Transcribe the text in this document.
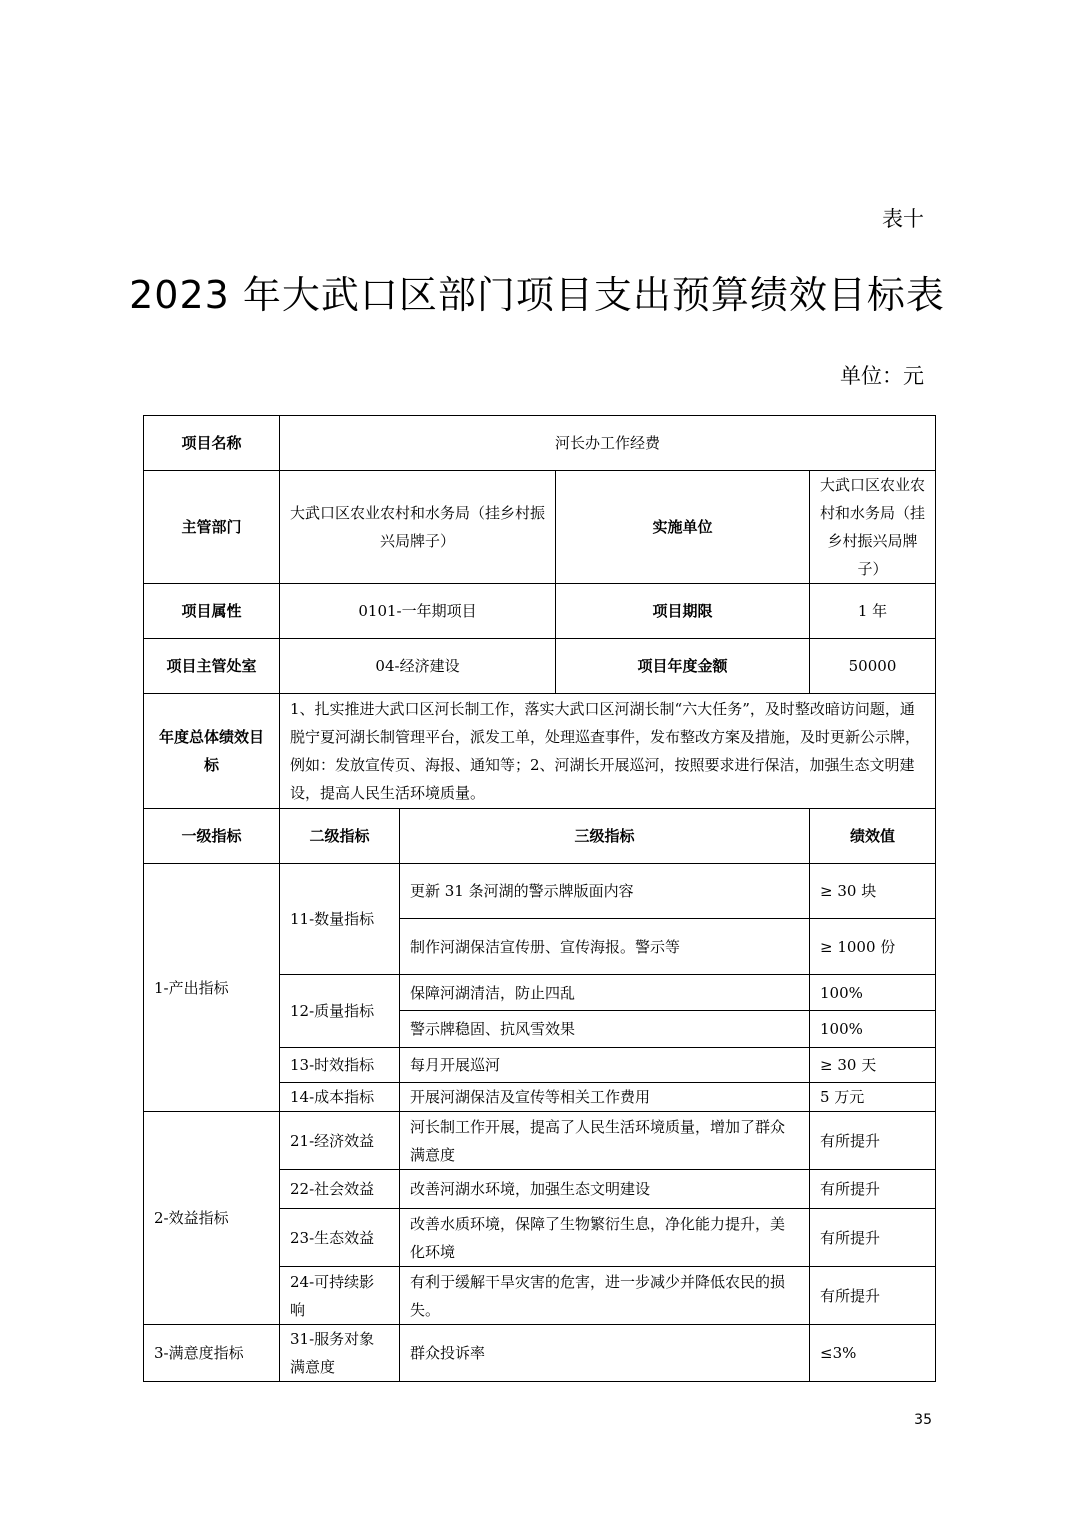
表十
2023 年大武口区部门项目支出预算绩效目标表
单位：元
项目名称	河长办工作经费			
主管部门	大武口区农业农村和水务局（挂乡村振兴局牌子）		实施单位	大武口区农业农村和水务局（挂乡村振兴局牌子）
项目属性	0101-一年期项目		项目期限	1 年
项目主管处室	04-经济建设		项目年度金额	50000
年度总体绩效目标	1、扎实推进大武口区河长制工作，落实大武口区河湖长制“六大任务”，及时整改暗访问题，通脱宁夏河湖长制管理平台，派发工单，处理巡查事件，发布整改方案及措施，及时更新公示牌，例如：发放宣传页、海报、通知等；2、河湖长开展巡河，按照要求进行保洁，加强生态文明建设，提高人民生活环境质量。			
一级指标	二级指标	三级指标		绩效值
1-产出指标	11-数量指标	更新 31 条河湖的警示牌版面内容		≥ 30 块
		制作河湖保洁宣传册、宣传海报。警示等		≥ 1000 份
	12-质量指标	保障河湖清洁，防止四乱		100%
		警示牌稳固、抗风雪效果		100%
	13-时效指标	每月开展巡河		≥ 30 天
	14-成本指标	开展河湖保洁及宣传等相关工作费用		5 万元
2-效益指标	21-经济效益	河长制工作开展，提高了人民生活环境质量，增加了群众满意度		有所提升
	22-社会效益	改善河湖水环境，加强生态文明建设		有所提升
	23-生态效益	改善水质环境，保障了生物繁衍生息，净化能力提升，美化环境		有所提升
	24-可持续影响	有利于缓解干旱灾害的危害，进一步减少并降低农民的损失。		有所提升
3-满意度指标	31-服务对象满意度	群众投诉率		≤3%
35
